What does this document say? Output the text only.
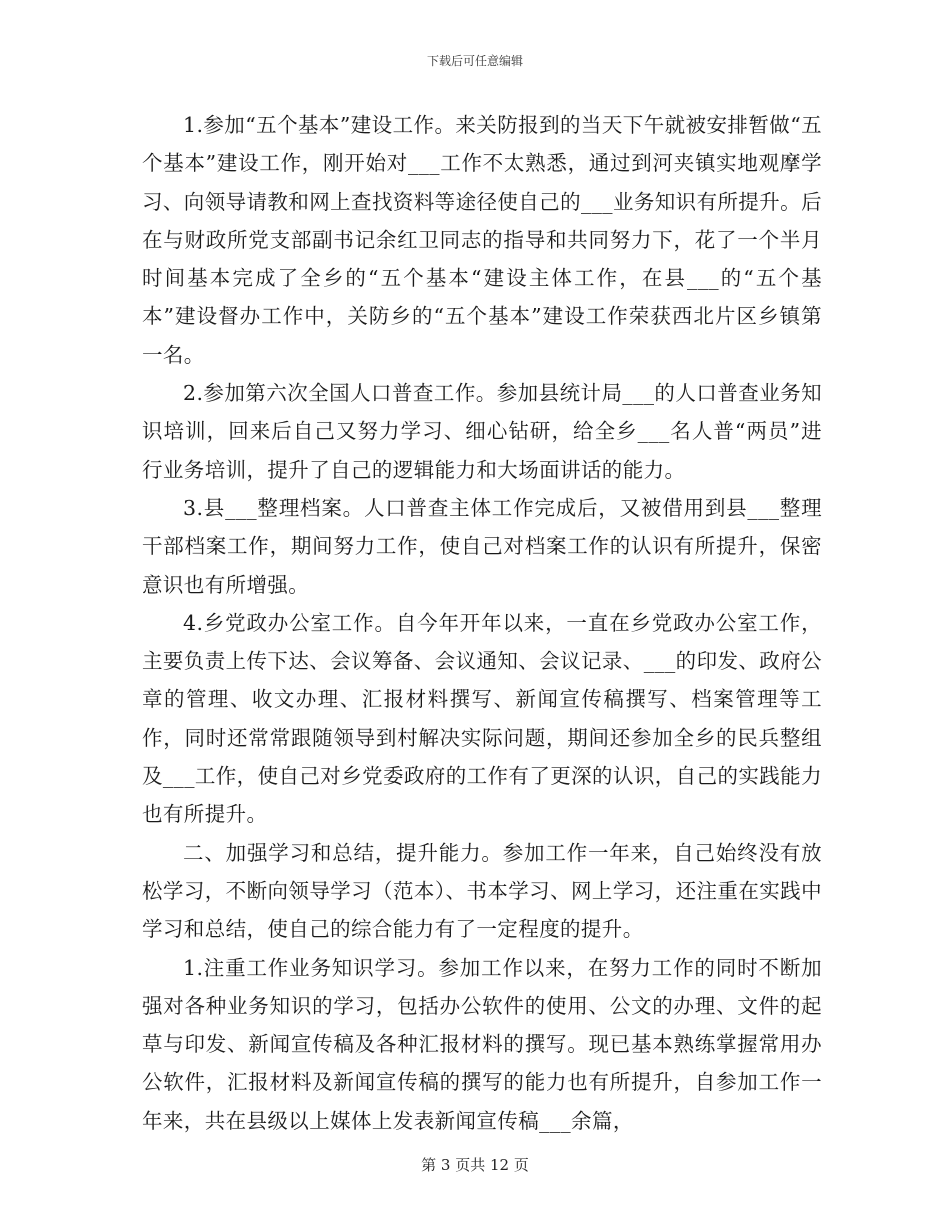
下载后可任意编辑

1.参加“五个基本”建设工作。来关防报到的当天下午就被安排暂做“五个基本”建设工作，刚开始对___工作不太熟悉，通过到河夹镇实地观摩学习、向领导请教和网上查找资料等途径使自己的___业务知识有所提升。后在与财政所党支部副书记余红卫同志的指导和共同努力下，花了一个半月时间基本完成了全乡的“五个基本“建设主体工作，在县___的“五个基本”建设督办工作中，关防乡的“五个基本”建设工作荣获西北片区乡镇第一名。

2.参加第六次全国人口普查工作。参加县统计局___的人口普查业务知识培训，回来后自己又努力学习、细心钻研，给全乡___名人普“两员”进行业务培训，提升了自己的逻辑能力和大场面讲话的能力。

3.县___整理档案。人口普查主体工作完成后，又被借用到县___整理干部档案工作，期间努力工作，使自己对档案工作的认识有所提升，保密意识也有所增强。

4.乡党政办公室工作。自今年开年以来，一直在乡党政办公室工作，主要负责上传下达、会议筹备、会议通知、会议记录、___的印发、政府公章的管理、收文办理、汇报材料撰写、新闻宣传稿撰写、档案管理等工作，同时还常常跟随领导到村解决实际问题，期间还参加全乡的民兵整组及___工作，使自己对乡党委政府的工作有了更深的认识，自己的实践能力也有所提升。

二、加强学习和总结，提升能力。参加工作一年来，自己始终没有放松学习，不断向领导学习（范本）、书本学习、网上学习，还注重在实践中学习和总结，使自己的综合能力有了一定程度的提升。

1.注重工作业务知识学习。参加工作以来，在努力工作的同时不断加强对各种业务知识的学习，包括办公软件的使用、公文的办理、文件的起草与印发、新闻宣传稿及各种汇报材料的撰写。现已基本熟练掌握常用办公软件，汇报材料及新闻宣传稿的撰写的能力也有所提升，自参加工作一年来，共在县级以上媒体上发表新闻宣传稿___余篇，

第 3 页共 12 页
